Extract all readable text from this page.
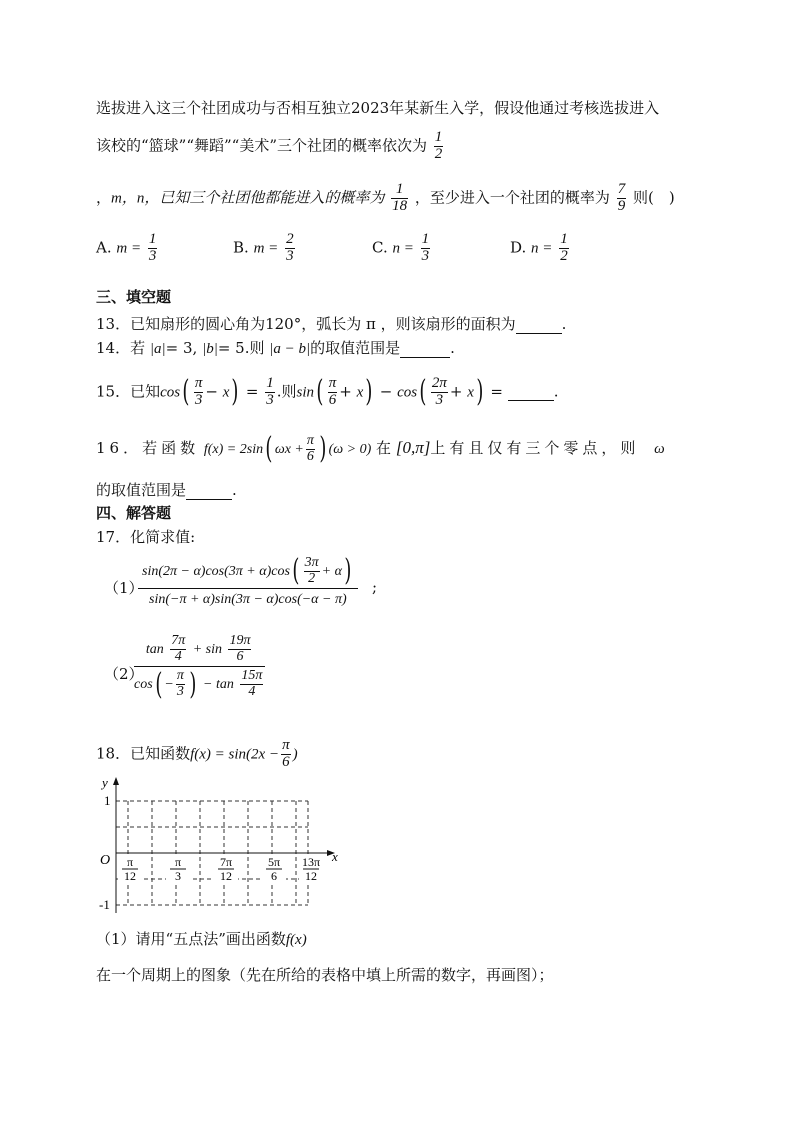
选拔进入这三个社团成功与否相互独立2023年某新生入学，假设他通过考核选拔进入
该校的“篮球”“舞蹈”“美术”三个社团的概率依次为 $\frac{1}{2}$
，m，n，已知三个社团他都能进入的概率为 $\frac{1}{18}$ ，至少进入一个社团的概率为 $\frac{7}{9}$ 则(　)
A. $m = \frac{1}{3}$	B. $m = \frac{2}{3}$	C. $n = \frac{1}{3}$	D. $n = \frac{1}{2}$
三、填空题
13．已知扇形的圆心角为120°，弧长为 π ，则该扇形的面积为	.
14．若 |a|= 3, |b|= 5.则 |a − b|的取值范围是	.
15．已知$\cos( \frac{\pi}{3} - x) = \frac{1}{3}$ .则$\sin( \frac{\pi}{6} + x) - \cos( \frac{2\pi}{3} + x)$ =	.
16．若函数 f(x) = 2sin( $\omega x + \frac{\pi}{6}$ ) (ω > 0) 在 [0,π]上有且仅有三个零点，则 ω
的取值范围是	.
四、解答题
17．化简求值:
（1）
$\sin(2\pi - \alpha)\cos(3\pi + \alpha)\cos( \frac{3\pi}{2} + \alpha)$
sin(−π + α)sin(3π − α)cos(−α − π)
;
（2）
$\tan \frac{7\pi}{4} + \sin \frac{19\pi}{6}$
$\cos( - \frac{\pi}{3}$ ) − $\tan \frac{15\pi}{4}$
18．已知函数$f(x) = \sin(2x - \frac{\pi}{6}$ )
y
x
O
1
-1
π
12
π
3
7π
12
5π
6
13π
12
（1）请用“五点法”画出函数f(x)
在一个周期上的图象（先在所给的表格中填上所需的数字，再画图）；
